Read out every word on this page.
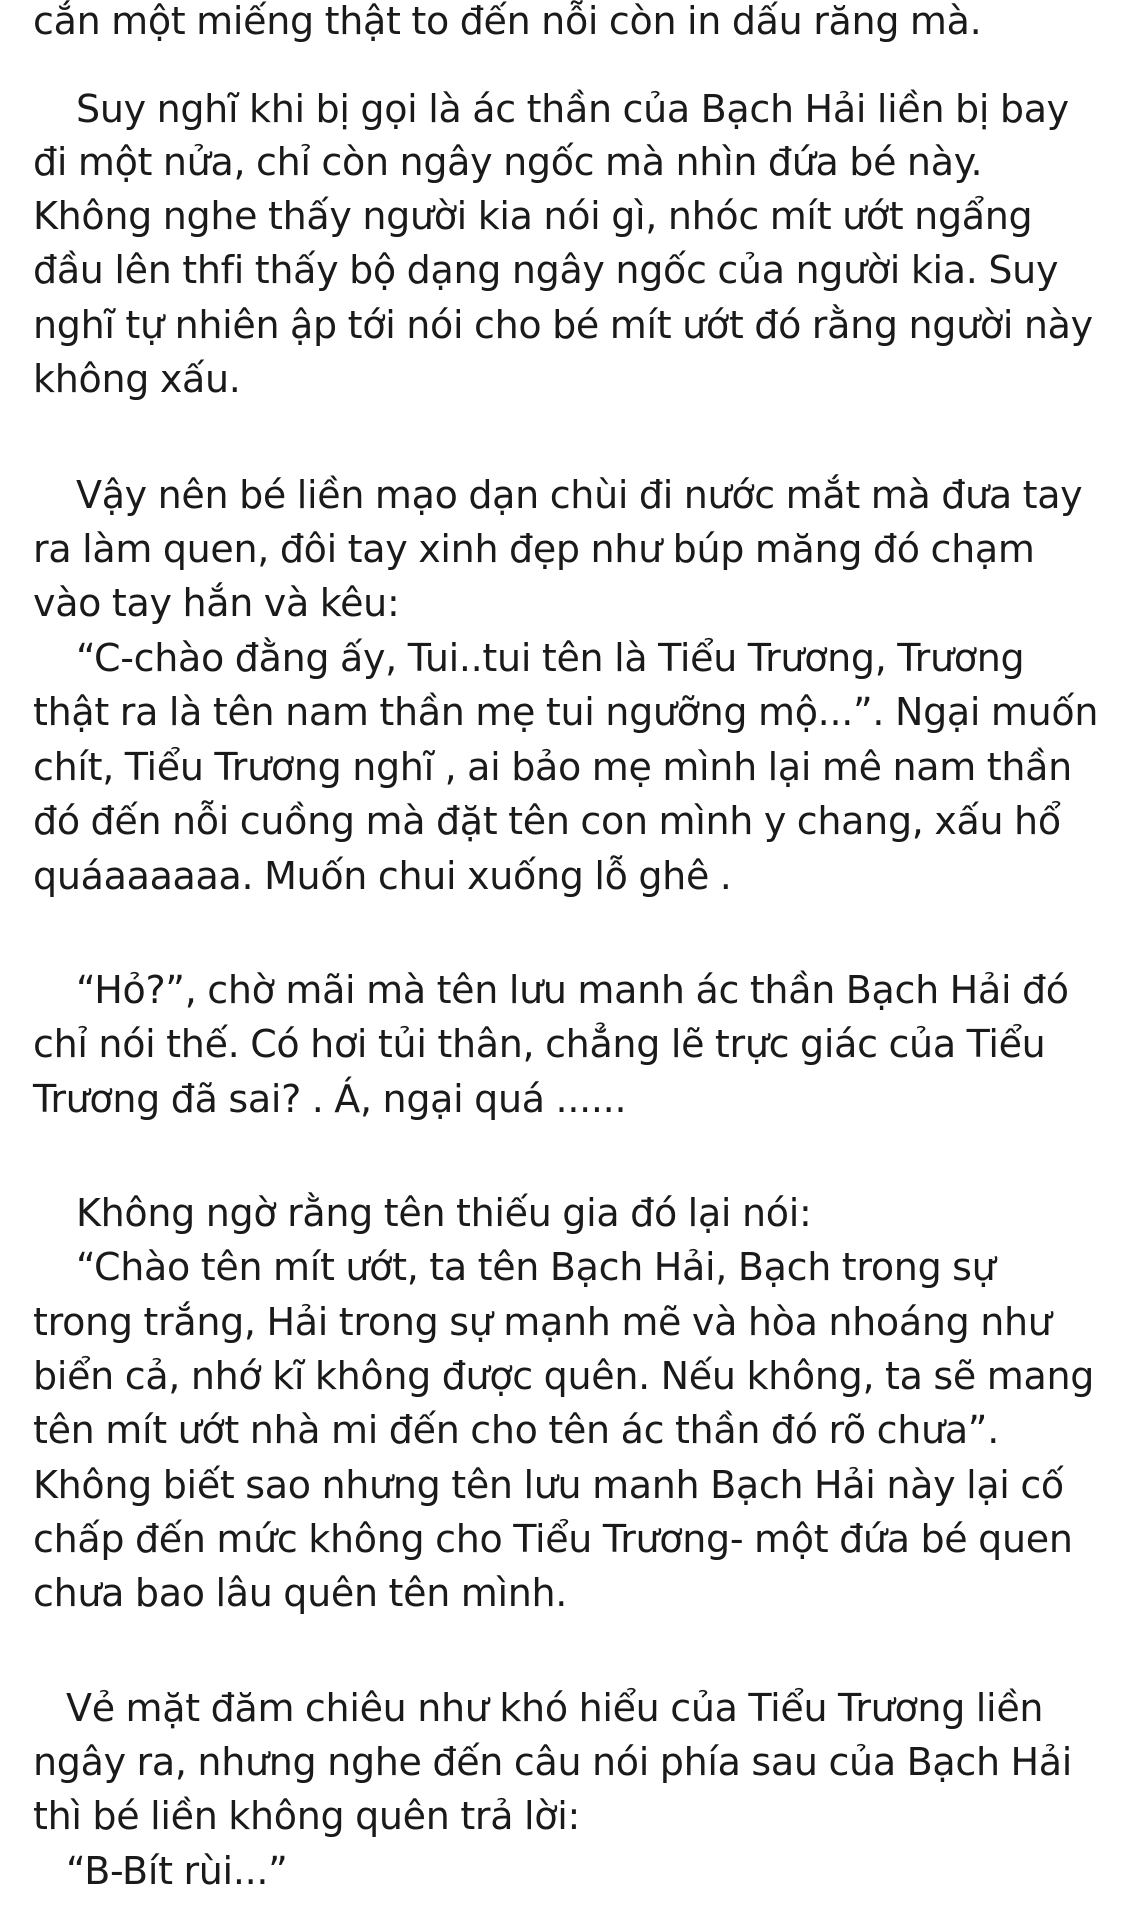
cắn một miếng thật to đến nỗi còn in dấu răng mà.
Suy nghĩ khi bị gọi là ác thần của Bạch Hải liền bị bay
đi một nửa, chỉ còn ngây ngốc mà nhìn đứa bé này.
Không nghe thấy người kia nói gì, nhóc mít ướt ngẩng
đầu lên thfi thấy bộ dạng ngây ngốc của người kia. Suy
nghĩ tự nhiên ập tới nói cho bé mít ướt đó rằng người này
không xấu.
Vậy nên bé liền mạo dạn chùi đi nước mắt mà đưa tay
ra làm quen, đôi tay xinh đẹp như búp măng đó chạm
vào tay hắn và kêu:
“C-chào đằng ấy, Tui..tui tên là Tiểu Trương, Trương
thật ra là tên nam thần mẹ tui ngưỡng mộ...”. Ngại muốn
chít, Tiểu Trương nghĩ , ai bảo mẹ mình lại mê nam thần
đó đến nỗi cuồng mà đặt tên con mình y chang, xấu hổ
quáaaaaaa. Muốn chui xuống lỗ ghê .
“Hỏ?”, chờ mãi mà tên lưu manh ác thần Bạch Hải đó
chỉ nói thế. Có hơi tủi thân, chẳng lẽ trực giác của Tiểu
Trương đã sai? . Á, ngại quá ......
Không ngờ rằng tên thiếu gia đó lại nói:
“Chào tên mít ướt, ta tên Bạch Hải, Bạch trong sự
trong trắng, Hải trong sự mạnh mẽ và hòa nhoáng như
biển cả, nhớ kĩ không được quên. Nếu không, ta sẽ mang
tên mít ướt nhà mi đến cho tên ác thần đó rõ chưa”.
Không biết sao nhưng tên lưu manh Bạch Hải này lại cố
chấp đến mức không cho Tiểu Trương- một đứa bé quen
chưa bao lâu quên tên mình.
Vẻ mặt đăm chiêu như khó hiểu của Tiểu Trương liền
ngây ra, nhưng nghe đến câu nói phía sau của Bạch Hải
thì bé liền không quên trả lời:
“B-Bít rùi...”
